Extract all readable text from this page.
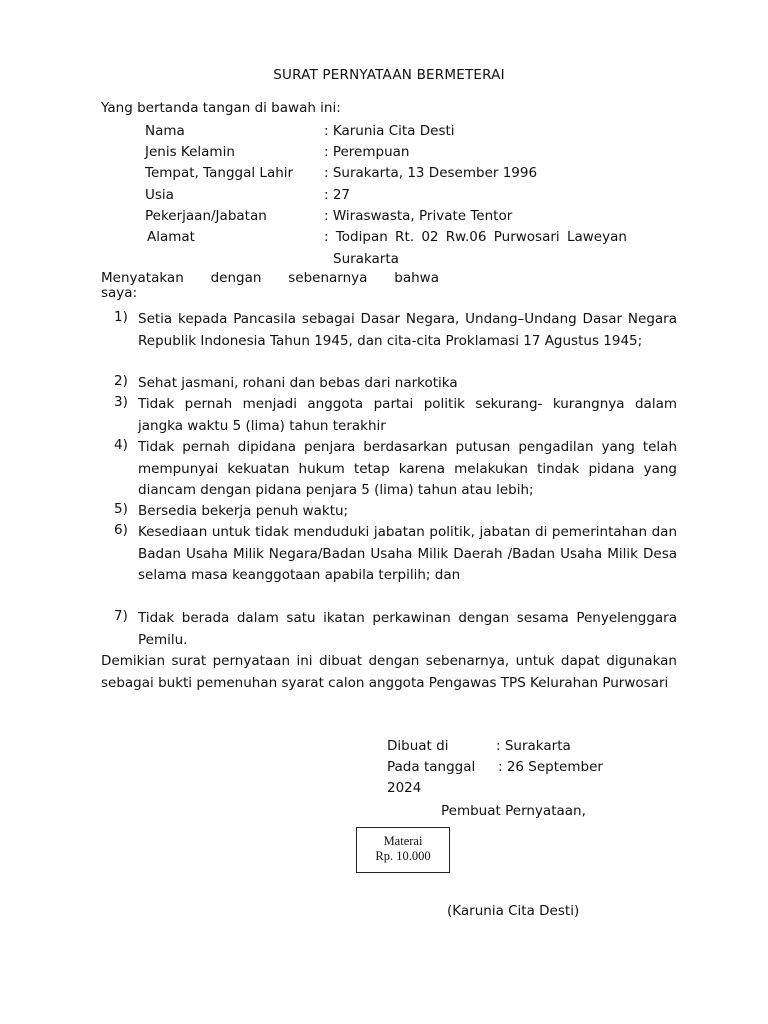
SURAT PERNYATAAN BERMETERAI
Yang bertanda tangan di bawah ini:
Nama	: Karunia Cita Desti
Jenis Kelamin	: Perempuan
Tempat, Tanggal Lahir : Surakarta, 13 Desember 1996
Usia	: 27
Pekerjaan/Jabatan	: Wiraswasta, Private Tentor
Alamat	: Todipan Rt. 02 Rw.06 Purwosari Laweyan
Surakarta
Menyatakan dengan sebenarnya bahwa
saya:
1) Setia kepada Pancasila sebagai Dasar Negara, Undang–Undang Dasar Negara Republik Indonesia Tahun 1945, dan cita-cita Proklamasi 17 Agustus 1945;
2) Sehat jasmani, rohani dan bebas dari narkotika
3) Tidak pernah menjadi anggota partai politik sekurang- kurangnya dalam jangka waktu 5 (lima) tahun terakhir
4) Tidak pernah dipidana penjara berdasarkan putusan pengadilan yang telah mempunyai kekuatan hukum tetap karena melakukan tindak pidana yang diancam dengan pidana penjara 5 (lima) tahun atau lebih;
5) Bersedia bekerja penuh waktu;
6) Kesediaan untuk tidak menduduki jabatan politik, jabatan di pemerintahan dan Badan Usaha Milik Negara/Badan Usaha Milik Daerah /Badan Usaha Milik Desa selama masa keanggotaan apabila terpilih; dan
7) Tidak berada dalam satu ikatan perkawinan dengan sesama Penyelenggara Pemilu.
Demikian surat pernyataan ini dibuat dengan sebenarnya, untuk dapat digunakan sebagai bukti pemenuhan syarat calon anggota Pengawas TPS Kelurahan Purwosari
Dibuat di	: Surakarta
Pada tanggal : 26 September
2024
Pembuat Pernyataan,
Materai
Rp. 10.000
(Karunia Cita Desti)
